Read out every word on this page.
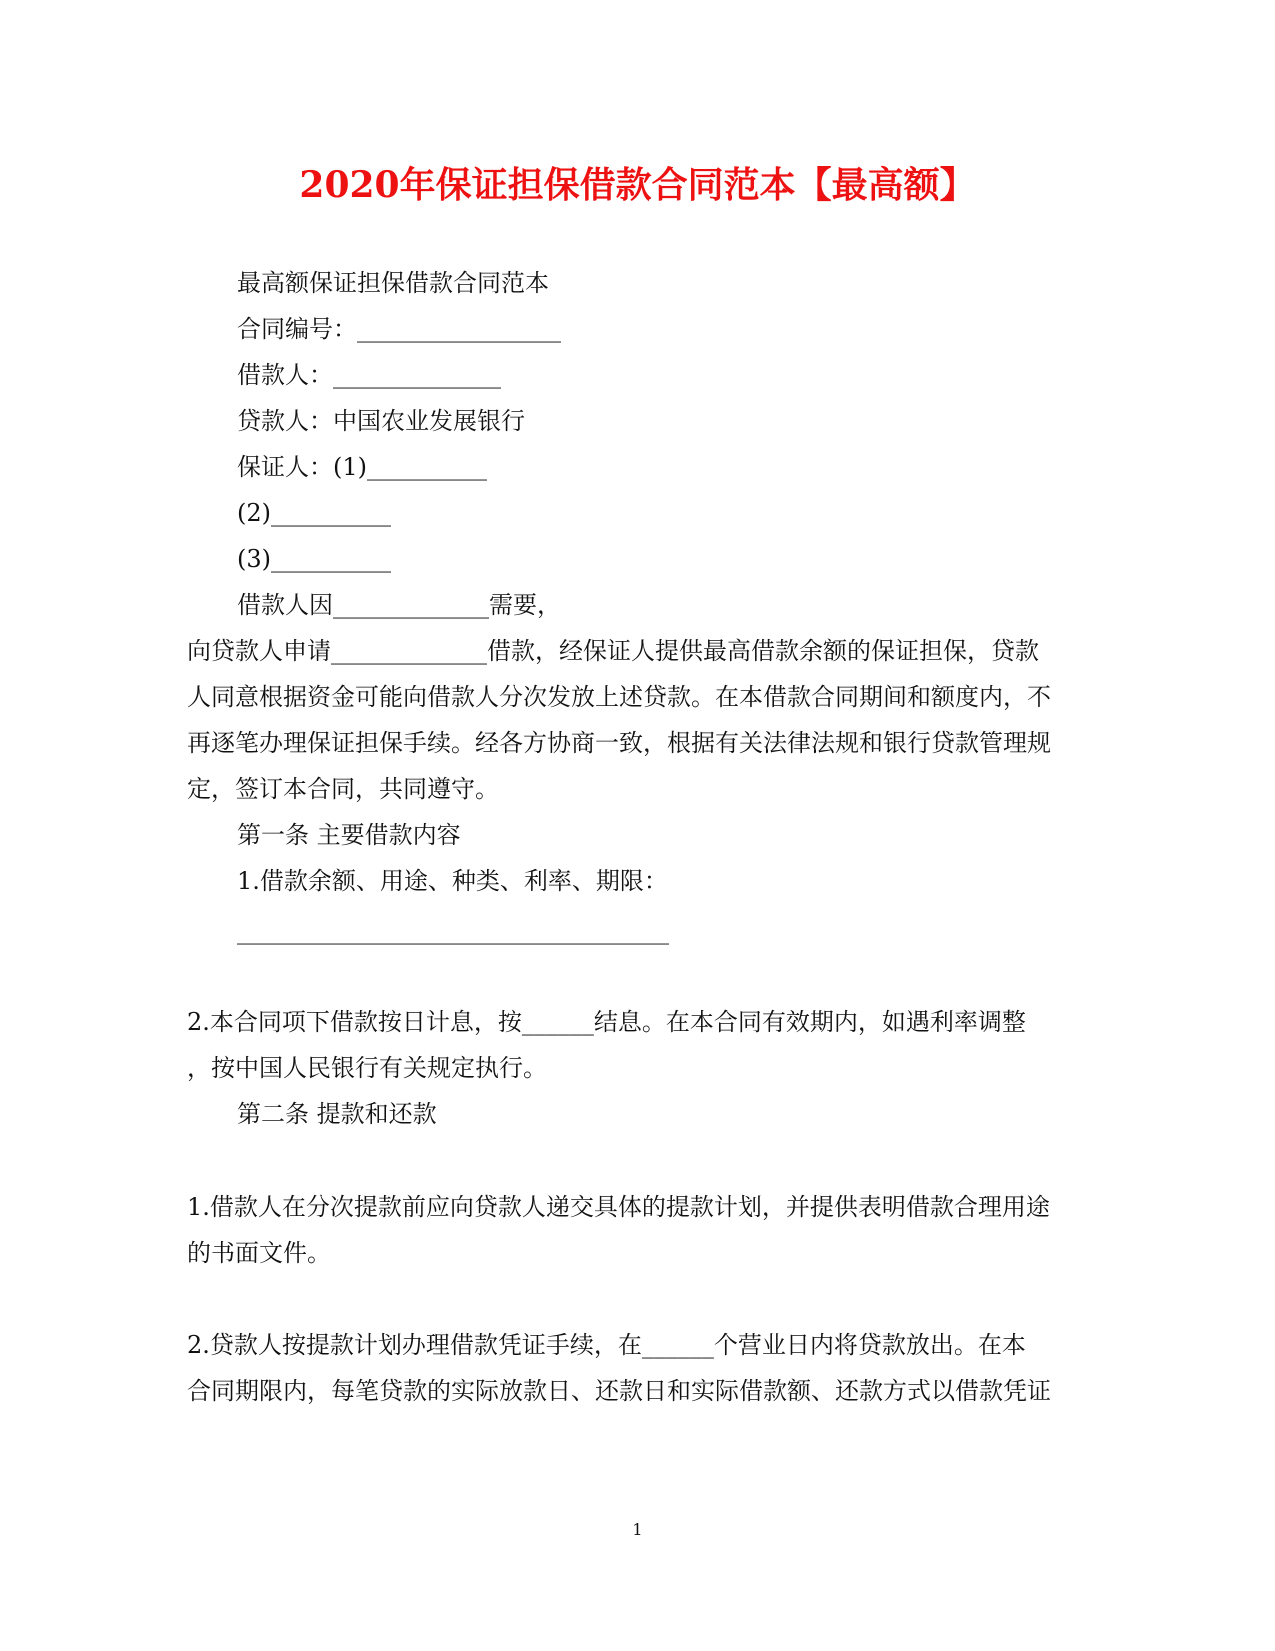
2020年保证担保借款合同范本【最高额】
最高额保证担保借款合同范本
合同编号：_________________
借款人：______________
贷款人：中国农业发展银行
保证人：(1)__________
(2)__________
(3)__________
借款人因_____________需要，
向贷款人申请_____________借款，经保证人提供最高借款余额的保证担保，贷款
人同意根据资金可能向借款人分次发放上述贷款。在本借款合同期间和额度内，不
再逐笔办理保证担保手续。经各方协商一致，根据有关法律法规和银行贷款管理规
定，签订本合同，共同遵守。
第一条 主要借款内容
1.借款余额、用途、种类、利率、期限：
____________________________________
2.本合同项下借款按日计息，按______结息。在本合同有效期内，如遇利率调整
，按中国人民银行有关规定执行。
第二条 提款和还款
1.借款人在分次提款前应向贷款人递交具体的提款计划，并提供表明借款合理用途
的书面文件。
2.贷款人按提款计划办理借款凭证手续，在______个营业日内将贷款放出。在本
合同期限内，每笔贷款的实际放款日、还款日和实际借款额、还款方式以借款凭证
1
